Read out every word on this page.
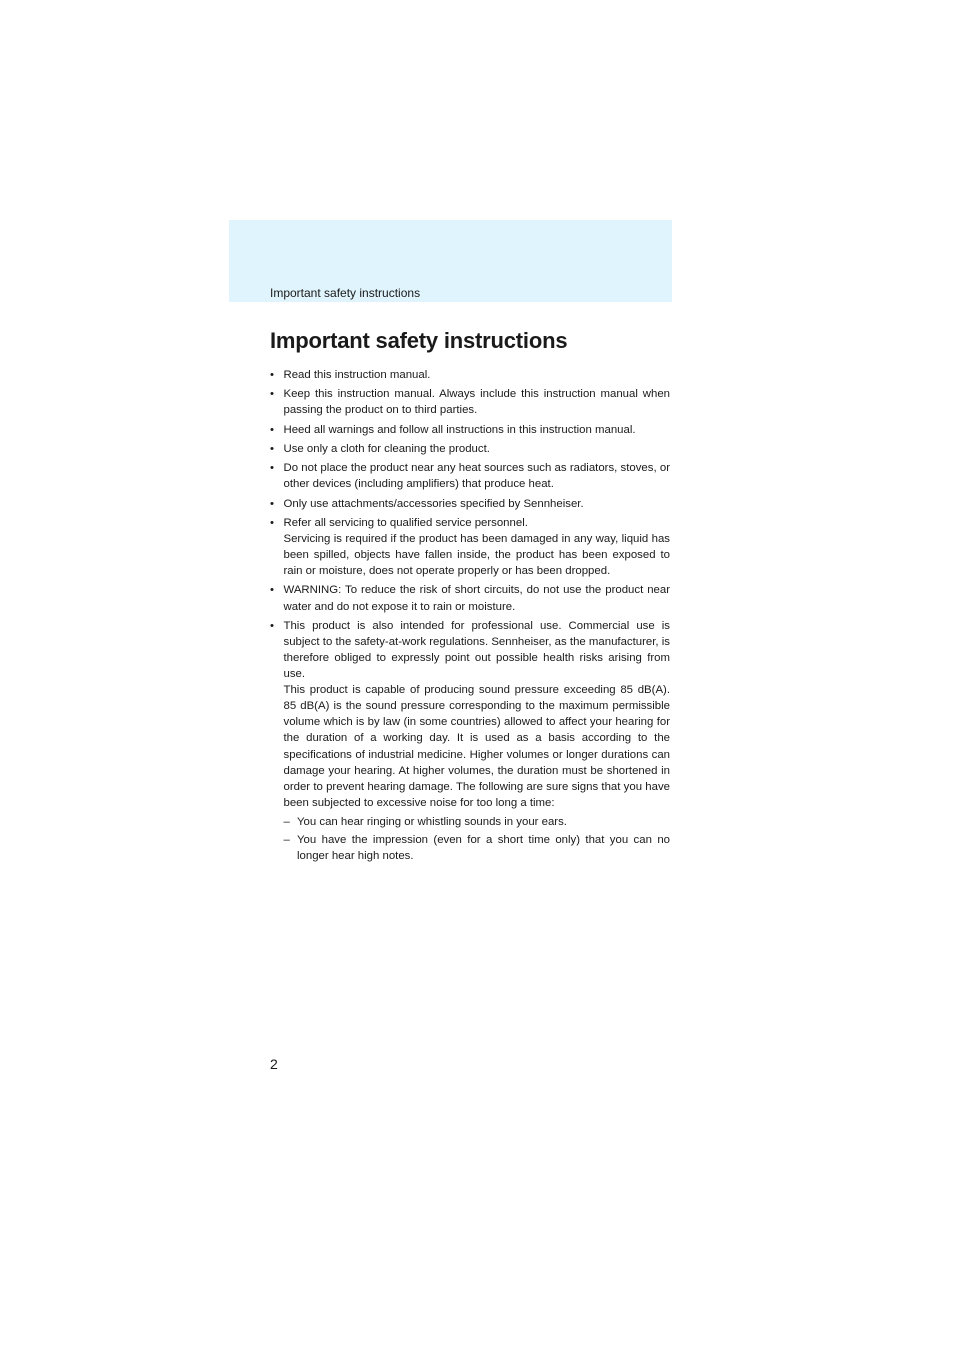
Important safety instructions
Important safety instructions
• Read this instruction manual.
• Keep this instruction manual. Always include this instruction manual when passing the product on to third parties.
• Heed all warnings and follow all instructions in this instruction manual.
• Use only a cloth for cleaning the product.
• Do not place the product near any heat sources such as radiators, stoves, or other devices (including amplifiers) that produce heat.
• Only use attachments/accessories specified by Sennheiser.
• Refer all servicing to qualified service personnel.
Servicing is required if the product has been damaged in any way, liquid has been spilled, objects have fallen inside, the product has been exposed to rain or moisture, does not operate properly or has been dropped.
• WARNING: To reduce the risk of short circuits, do not use the product near water and do not expose it to rain or moisture.
• This product is also intended for professional use. Commercial use is subject to the safety-at-work regulations. Sennheiser, as the manufacturer, is therefore obliged to expressly point out possible health risks arising from use.
This product is capable of producing sound pressure exceeding 85 dB(A). 85 dB(A) is the sound pressure corresponding to the maximum permissible volume which is by law (in some countries) allowed to affect your hearing for the duration of a working day. It is used as a basis according to the specifications of industrial medicine. Higher volumes or longer durations can damage your hearing. At higher volumes, the duration must be shortened in order to prevent hearing damage. The following are sure signs that you have been subjected to excessive noise for too long a time:
– You can hear ringing or whistling sounds in your ears.
– You have the impression (even for a short time only) that you can no longer hear high notes.
2
